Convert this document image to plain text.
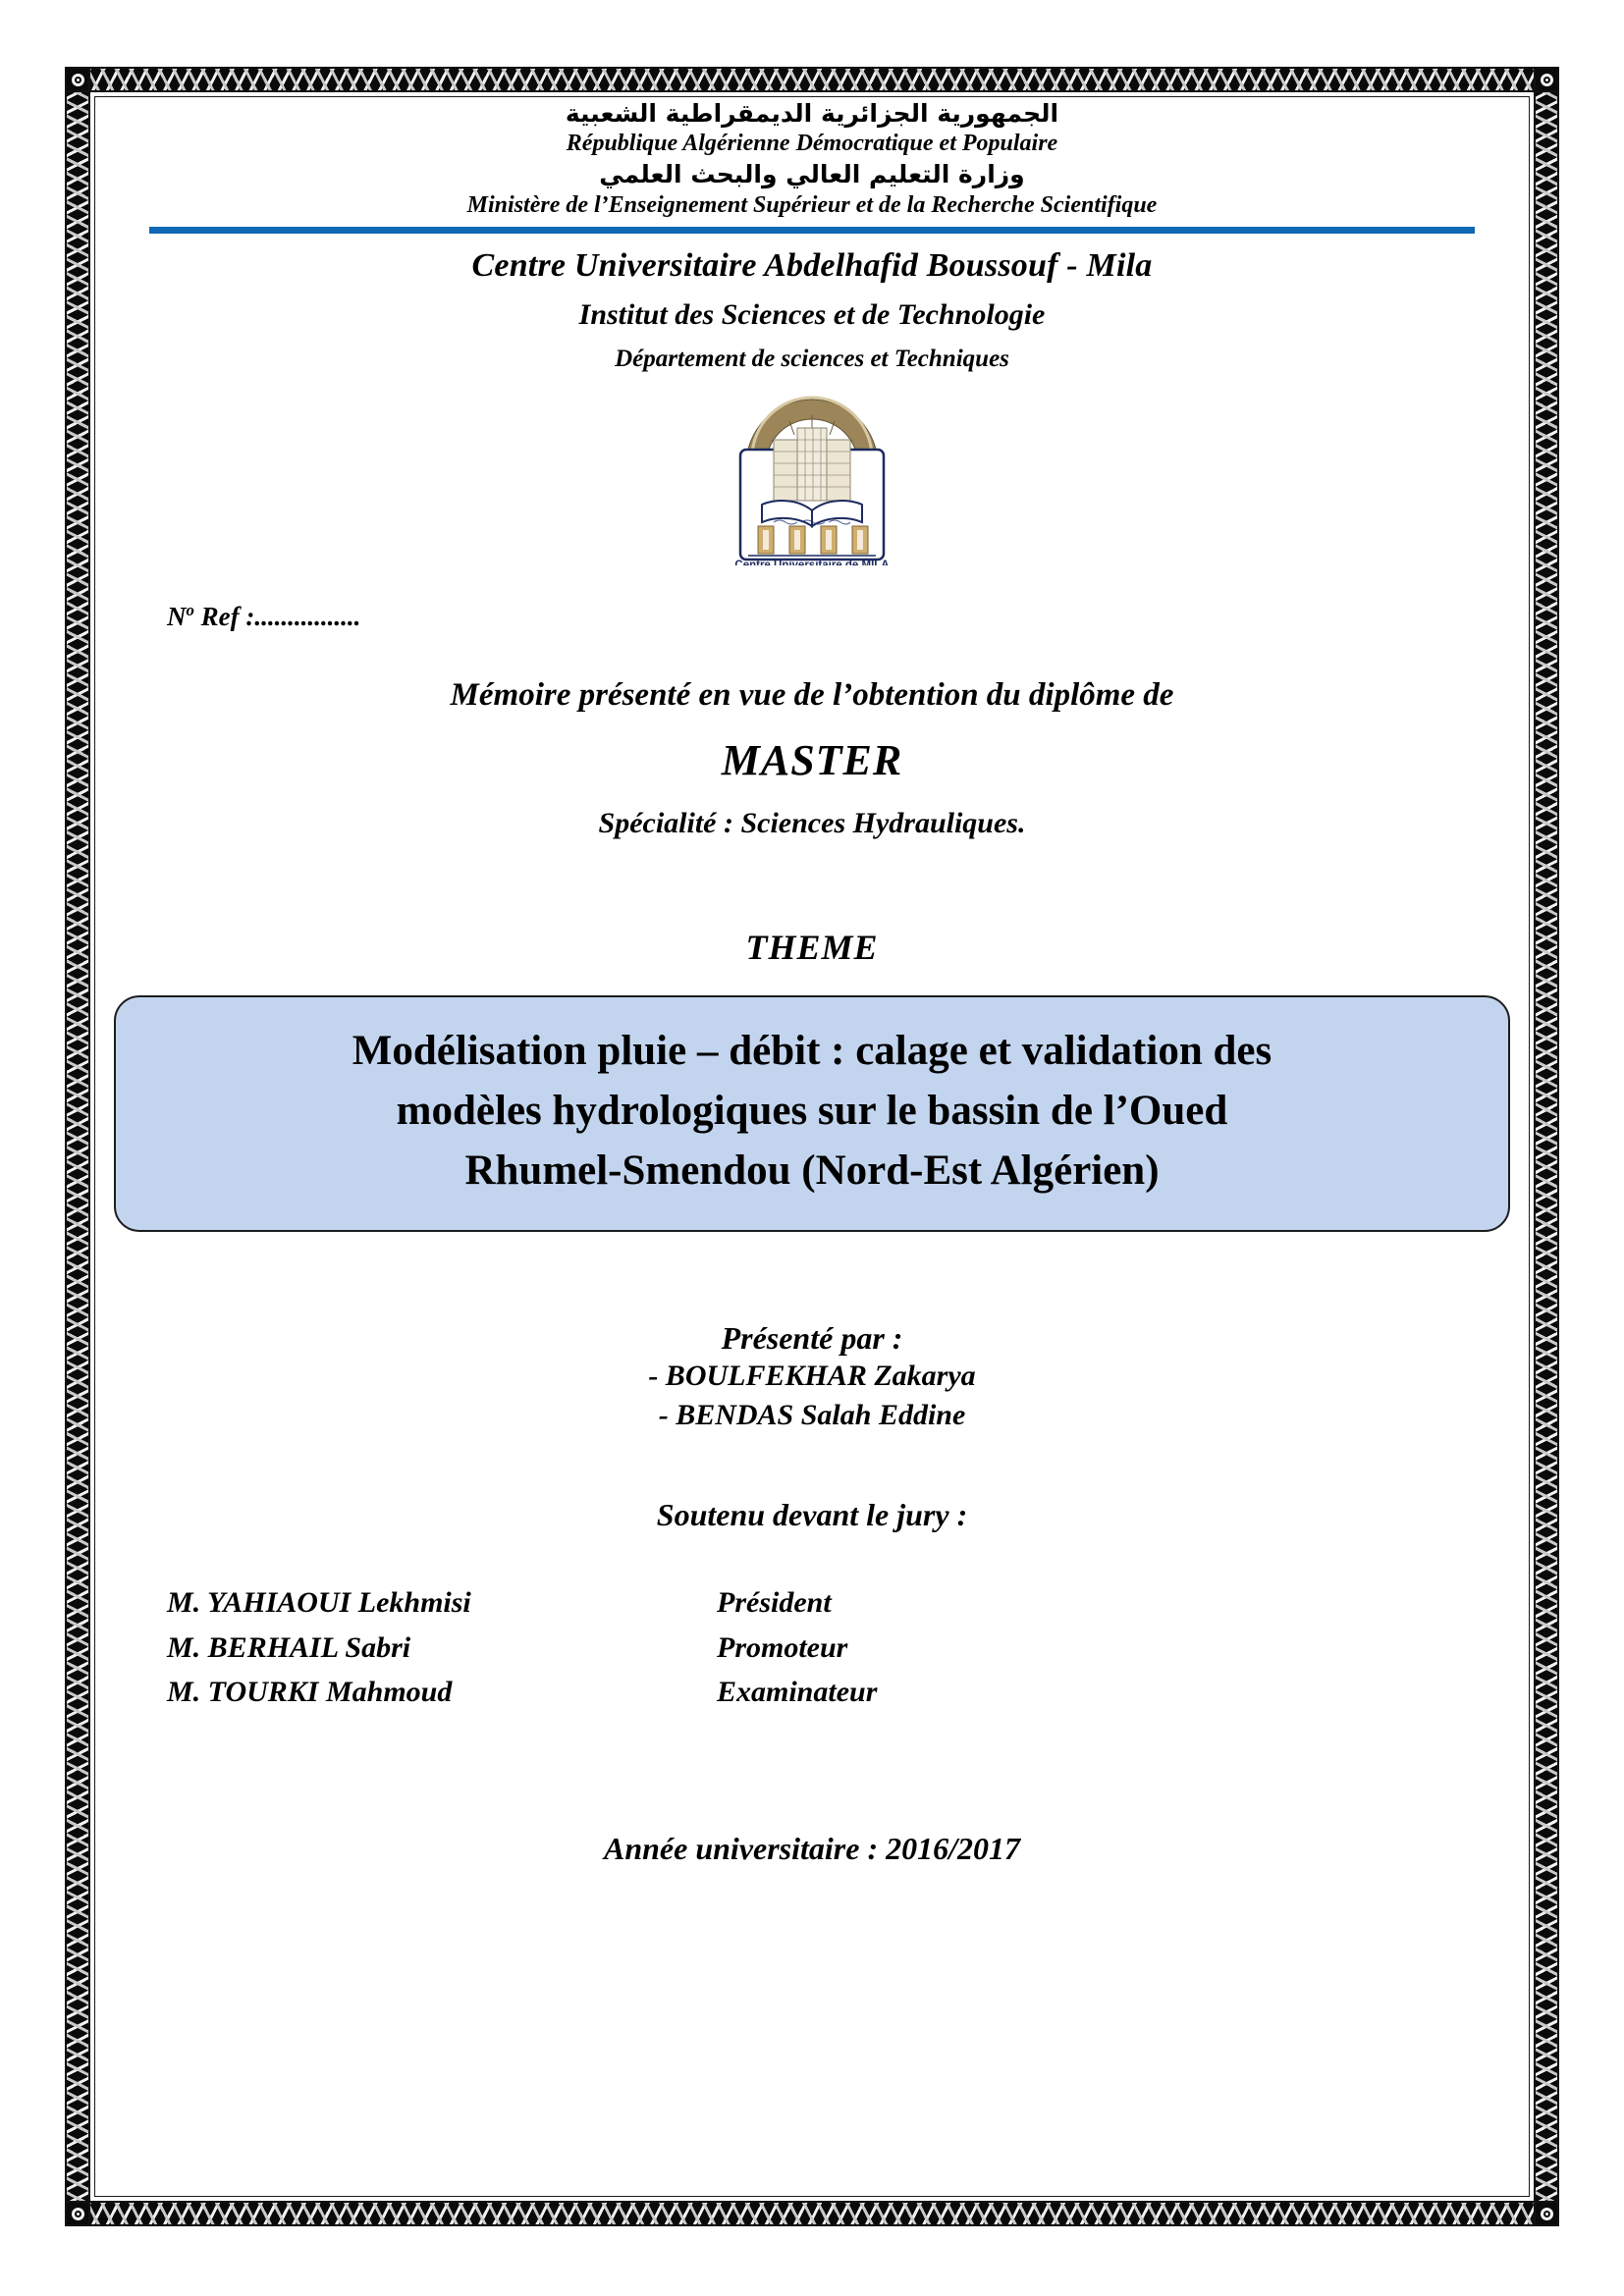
الجمهورية الجزائرية الديمقراطية الشعبية
République Algérienne Démocratique et Populaire
وزارة التعليم العالي والبحث العلمي
Ministère de l’Enseignement Supérieur et de la Recherche Scientifique
Centre Universitaire Abdelhafid Boussouf - Mila
Institut des Sciences et de Technologie
Département de sciences et Techniques
Centre Universitaire de MILA
$N^o$ Ref :................
Mémoire présenté en vue de l’obtention du diplôme de
MASTER
Spécialité : Sciences Hydrauliques.
THEME
Modélisation pluie – débit : calage et validation des
modèles hydrologiques sur le bassin de l’Oued
Rhumel-Smendou (Nord-Est Algérien)
Présenté par :
- BOULFEKHAR Zakarya
- BENDAS Salah Eddine
Soutenu devant le jury :
M. YAHIAOUI Lekhmisi	Président
M. BERHAIL Sabri	Promoteur
M. TOURKI Mahmoud	Examinateur
Année universitaire : 2016/2017
